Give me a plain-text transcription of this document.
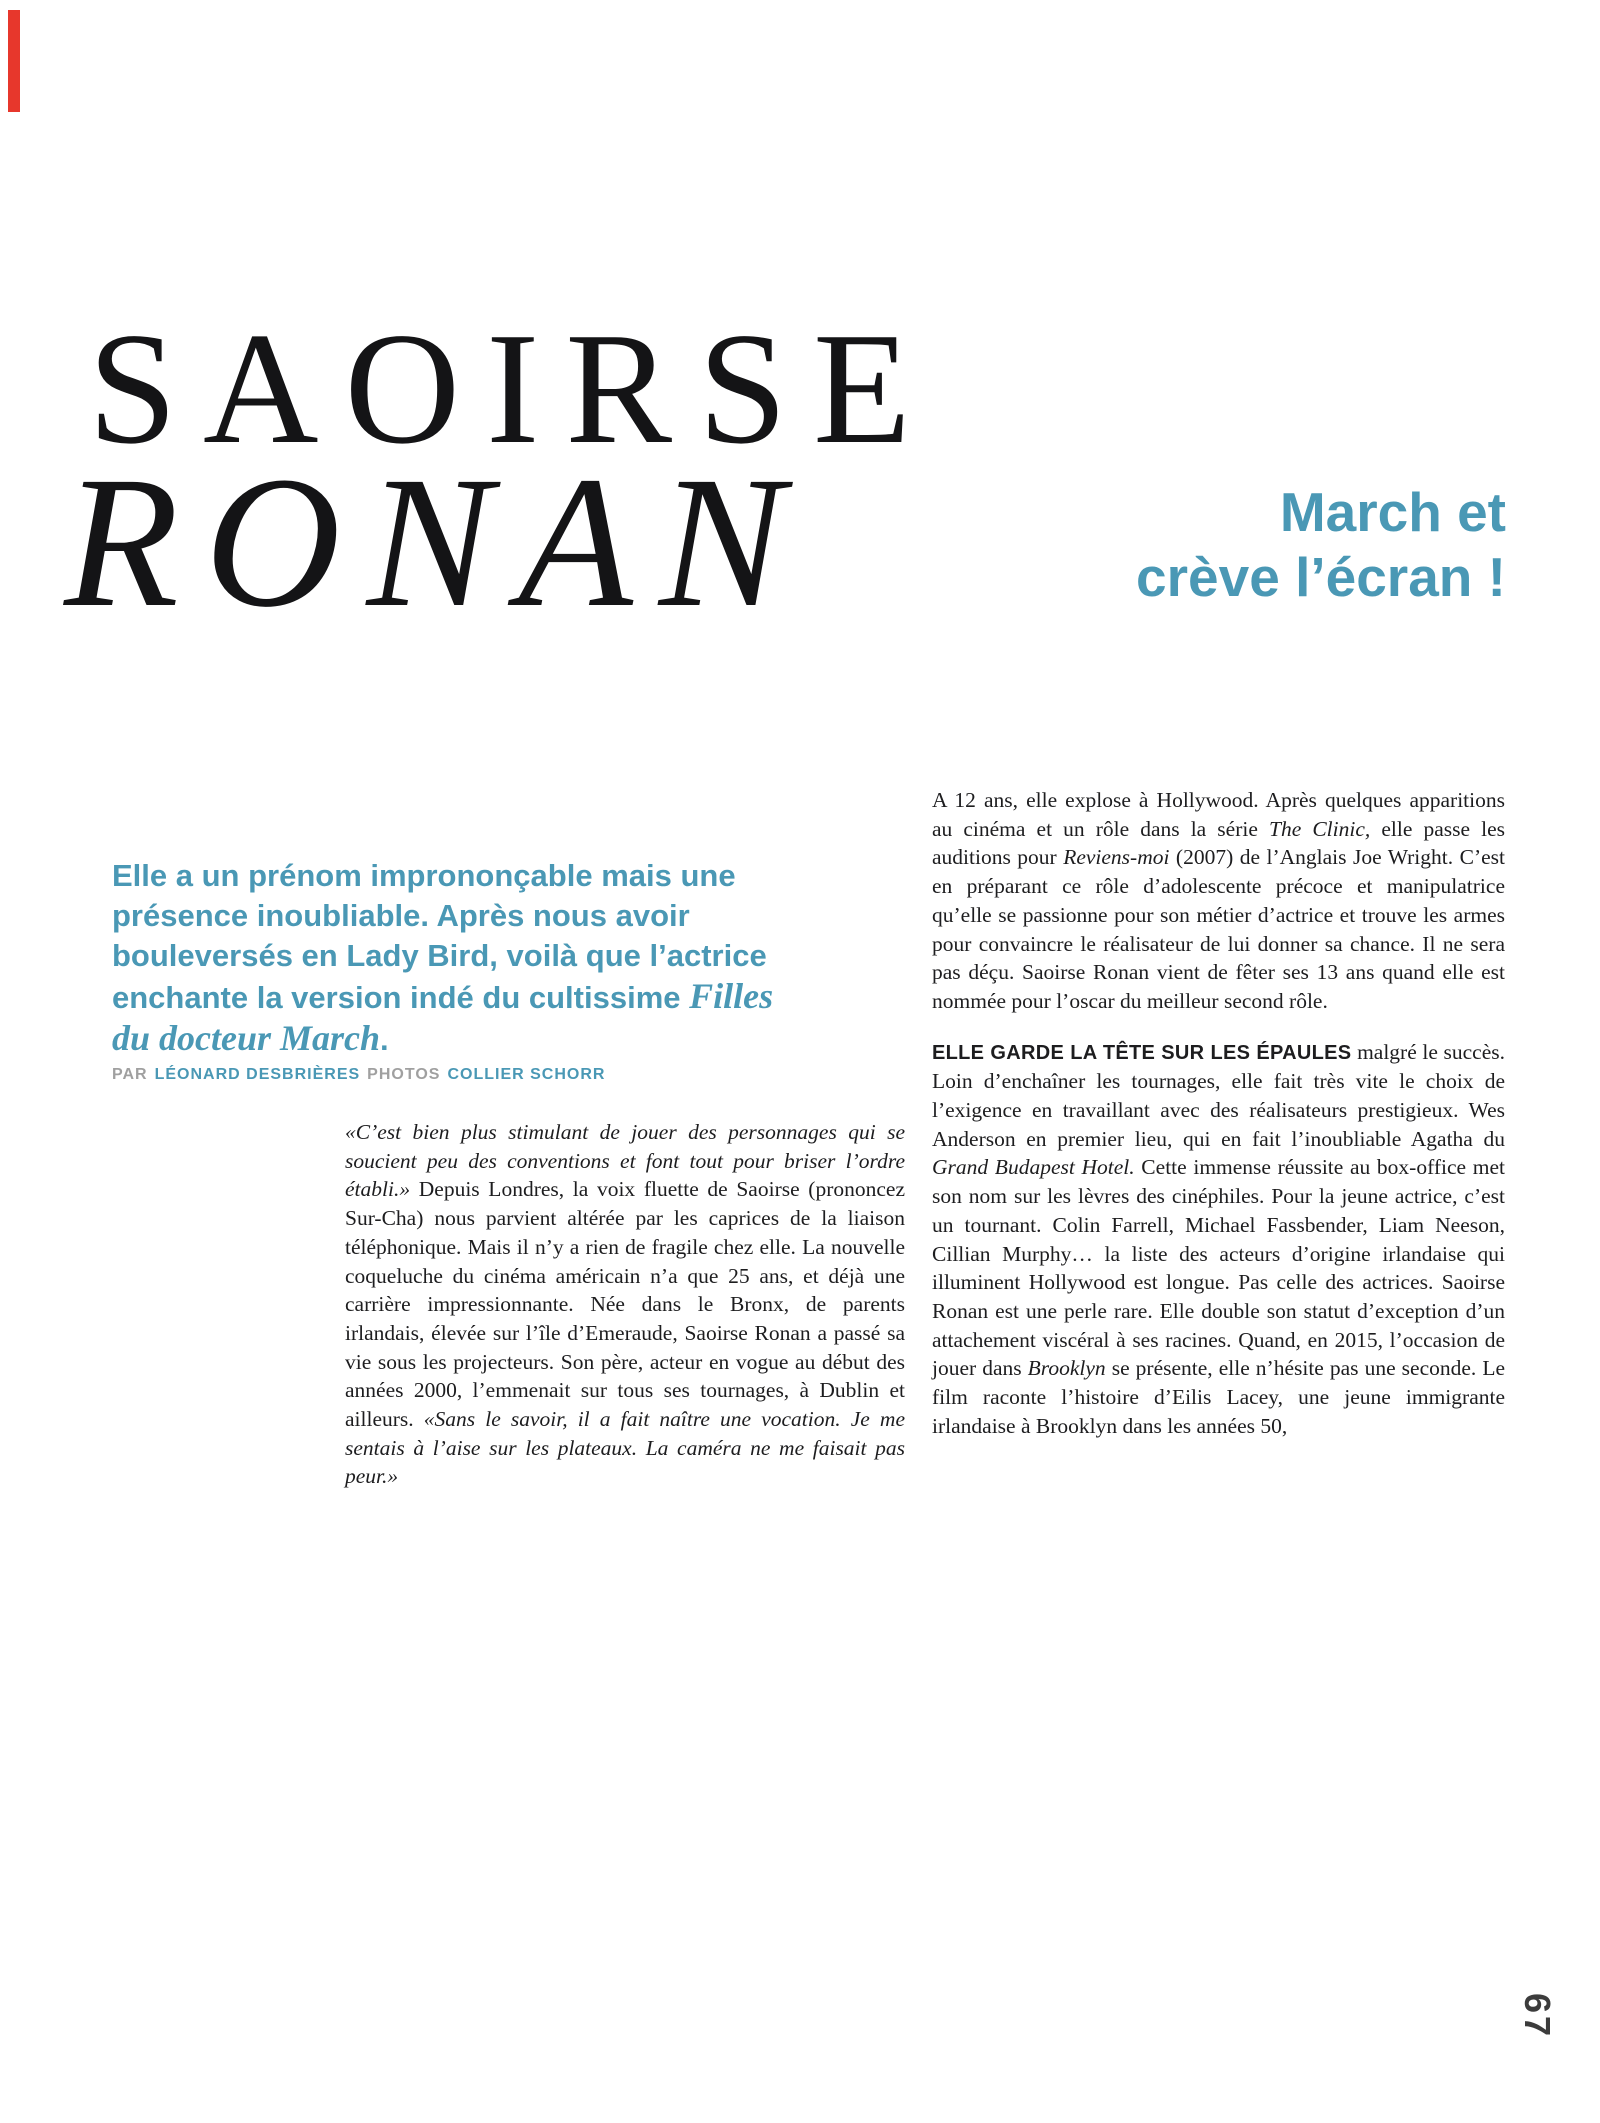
SAOIRSE
RONAN	March et
crève l’écran !

Elle a un prénom imprononçable mais une présence inoubliable. Après nous avoir bouleversés en Lady Bird, voilà que l’actrice enchante la version indé du cultissime Filles du docteur March.

PAR LÉONARD DESBRIÈRES PHOTOS COLLIER SCHORR

«C’est bien plus stimulant de jouer des personnages qui se soucient peu des conventions et font tout pour briser l’ordre établi.» Depuis Londres, la voix fluette de Saoirse (prononcez Sur-Cha) nous parvient altérée par les caprices de la liaison téléphonique. Mais il n’y a rien de fragile chez elle. La nouvelle coqueluche du cinéma américain n’a que 25 ans, et déjà une carrière impressionnante. Née dans le Bronx, de parents irlandais, élevée sur l’île d’Emeraude, Saoirse Ronan a passé sa vie sous les projecteurs. Son père, acteur en vogue au début des années 2000, l’emmenait sur tous ses tournages, à Dublin et ailleurs. «Sans le savoir, il a fait naître une vocation. Je me sentais à l’aise sur les plateaux. La caméra ne me faisait pas peur.»

A 12 ans, elle explose à Hollywood. Après quelques apparitions au cinéma et un rôle dans la série The Clinic, elle passe les auditions pour Reviens-moi (2007) de l’Anglais Joe Wright. C’est en préparant ce rôle d’adolescente précoce et manipulatrice qu’elle se passionne pour son métier d’actrice et trouve les armes pour convaincre le réalisateur de lui donner sa chance. Il ne sera pas déçu. Saoirse Ronan vient de fêter ses 13 ans quand elle est nommée pour l’oscar du meilleur second rôle.

ELLE GARDE LA TÊTE SUR LES ÉPAULES malgré le succès. Loin d’enchaîner les tournages, elle fait très vite le choix de l’exigence en travaillant avec des réalisateurs prestigieux. Wes Anderson en premier lieu, qui en fait l’inoubliable Agatha du Grand Budapest Hotel. Cette immense réussite au box-office met son nom sur les lèvres des cinéphiles. Pour la jeune actrice, c’est un tournant. Colin Farrell, Michael Fassbender, Liam Neeson, Cillian Murphy… la liste des acteurs d’origine irlandaise qui illuminent Hollywood est longue. Pas celle des actrices. Saoirse Ronan est une perle rare. Elle double son statut d’exception d’un attachement viscéral à ses racines. Quand, en 2015, l’occasion de jouer dans Brooklyn se présente, elle n’hésite pas une seconde. Le film raconte l’histoire d’Eilis Lacey, une jeune immigrante irlandaise à Brooklyn dans les années 50,

67
